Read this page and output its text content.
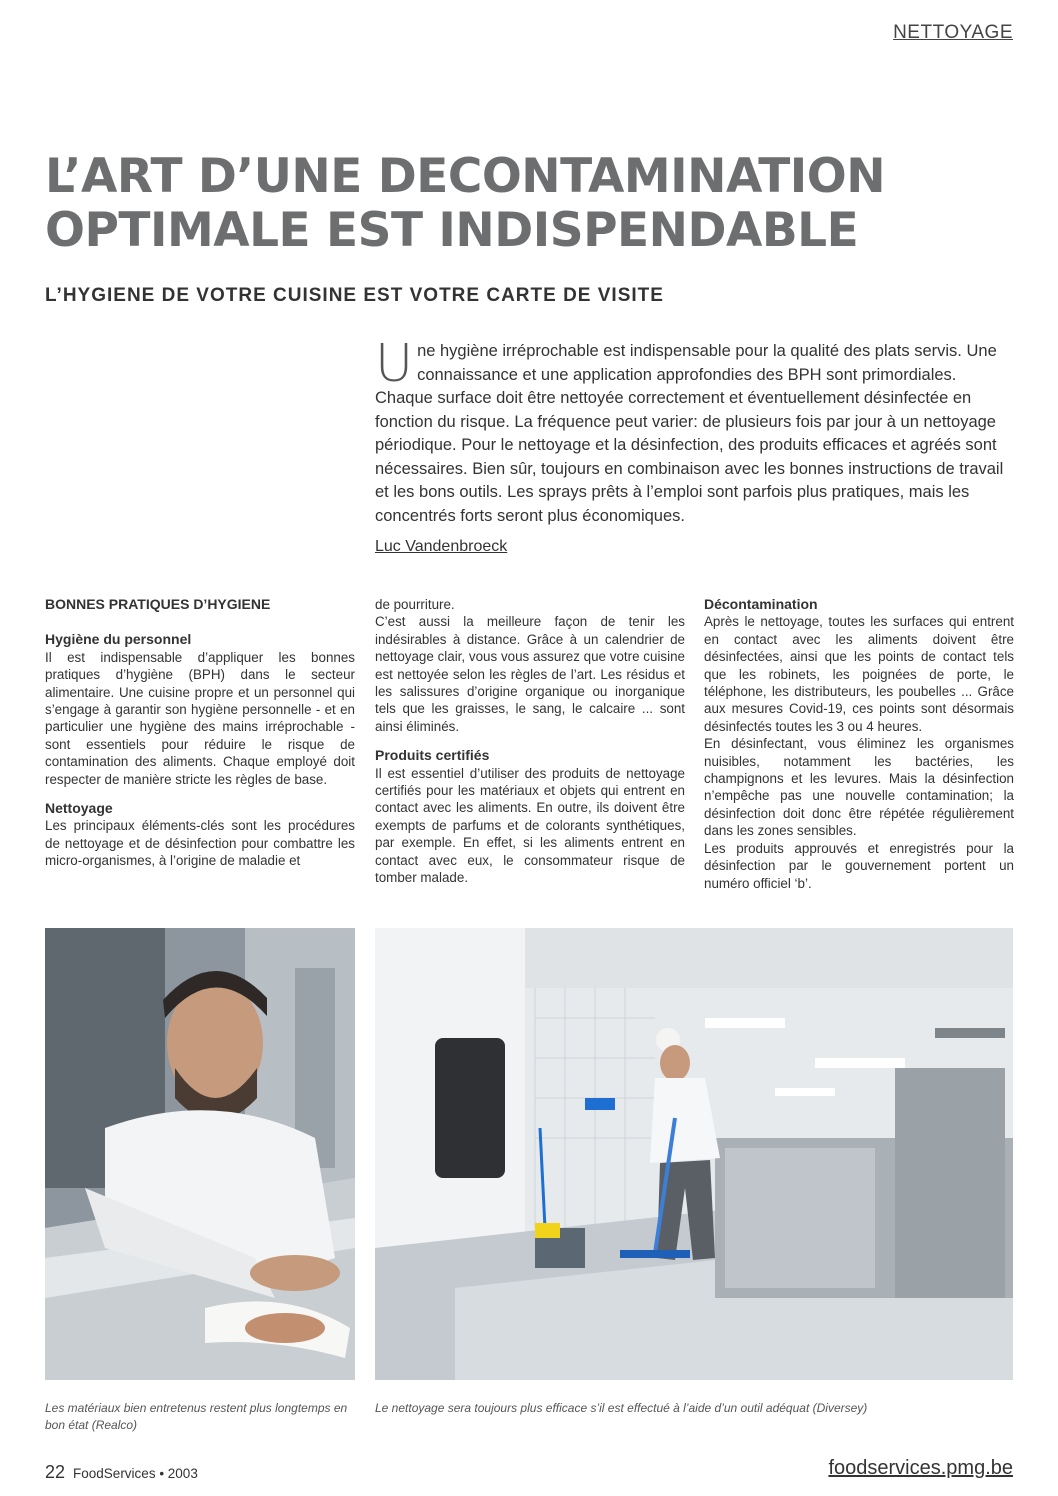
NETTOYAGE
L’ART D’UNE DECONTAMINATION OPTIMALE EST INDISPENDABLE
L’HYGIENE DE VOTRE CUISINE EST VOTRE CARTE DE VISITE

Une hygiène irréprochable est indispensable pour la qualité des plats servis. Une connaissance et une application approfondies des BPH sont primordiales. Chaque surface doit être nettoyée correctement et éventuellement désinfectée en fonction du risque. La fréquence peut varier: de plusieurs fois par jour à un nettoyage périodique. Pour le nettoyage et la désinfection, des produits efficaces et agréés sont nécessaires. Bien sûr, toujours en combinaison avec les bonnes instructions de travail et les bons outils. Les sprays prêts à l’emploi sont parfois plus pratiques, mais les concentrés forts seront plus économiques.

Luc Vandenbroeck
BONNES PRATIQUES D’HYGIENE
Hygiène du personnel

Il est indispensable d’appliquer les bonnes pratiques d’hygiène (BPH) dans le secteur alimentaire. Une cuisine propre et un personnel qui s’engage à garantir son hygiène personnelle - et en particulier une hygiène des mains irréprochable - sont essentiels pour réduire le risque de contamination des aliments. Chaque employé doit respecter de manière stricte les règles de base.

Nettoyage

Les principaux éléments-clés sont les procédures de nettoyage et de désinfection pour combattre les micro-organismes, à l’origine de maladie et

de pourriture.

C’est aussi la meilleure façon de tenir les indésirables à distance. Grâce à un calendrier de nettoyage clair, vous vous assurez que votre cuisine est nettoyée selon les règles de l’art. Les résidus et les salissures d’origine organique ou inorganique tels que les graisses, le sang, le calcaire ... sont ainsi éliminés.

Produits certifiés

Il est essentiel d’utiliser des produits de nettoyage certifiés pour les matériaux et objets qui entrent en contact avec les aliments. En outre, ils doivent être exempts de parfums et de colorants synthétiques, par exemple. En effet, si les aliments entrent en contact avec eux, le consommateur risque de tomber malade.

Décontamination

Après le nettoyage, toutes les surfaces qui entrent en contact avec les aliments doivent être désinfectées, ainsi que les points de contact tels que les robinets, les poignées de porte, le téléphone, les distributeurs, les poubelles ... Grâce aux mesures Covid-19, ces points sont désormais désinfectés toutes les 3 ou 4 heures.

En désinfectant, vous éliminez les organismes nuisibles, notamment les bactéries, les champignons et les levures. Mais la désinfection n’empêche pas une nouvelle contamination; la désinfection doit donc être répétée régulièrement dans les zones sensibles.

Les produits approuvés et enregistrés pour la désinfection par le gouvernement portent un numéro officiel ‘b’.

Les matériaux bien entretenus restent plus longtemps en bon état (Realco)

Le nettoyage sera toujours plus efficace s’il est effectué à l’aide d’un outil adéquat (Diversey)

22 FoodServices • 2003	foodservices.pmg.be
